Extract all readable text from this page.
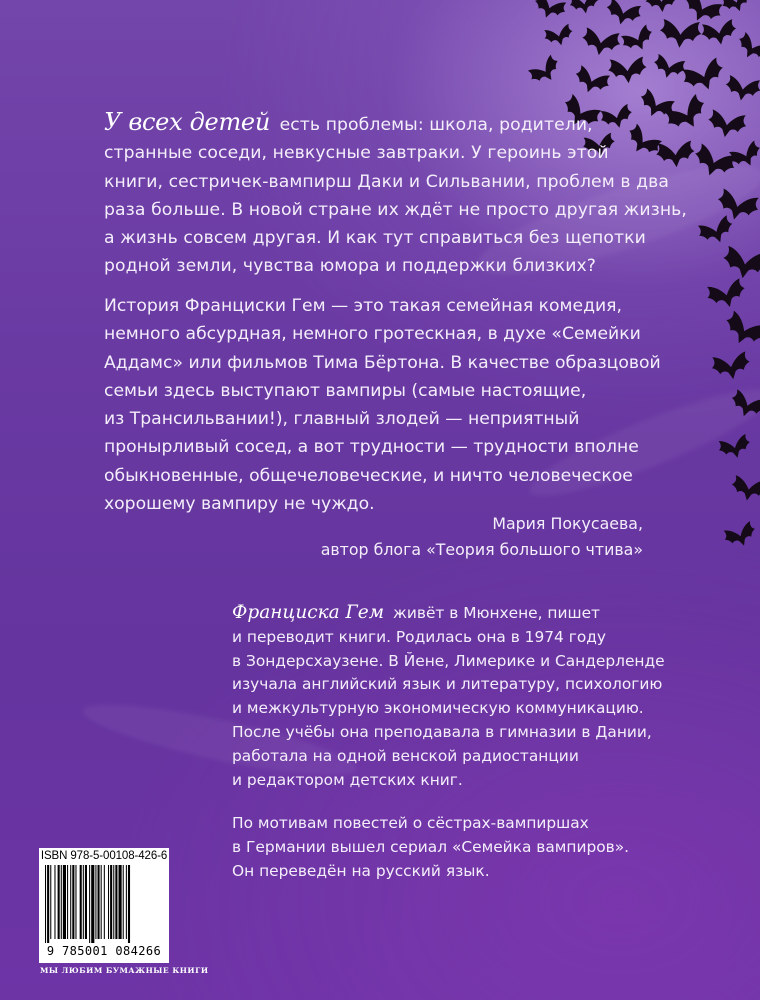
У всех детей есть проблемы: школа, родители,

странные соседи, невкусные завтраки. У героинь этой

книги, сестричек-вампирш Даки и Сильвании, проблем в два

раза больше. В новой стране их ждёт не просто другая жизнь,

а жизнь совсем другая. И как тут справиться без щепотки

родной земли, чувства юмора и поддержки близких?

История Франциски Гем — это такая семейная комедия,

немного абсурдная, немного гротескная, в духе «Семейки

Аддамс» или фильмов Тима Бёртона. В качестве образцовой

семьи здесь выступают вампиры (самые настоящие,

из Трансильвании!), главный злодей — неприятный

пронырливый сосед, а вот трудности — трудности вполне

обыкновенные, общечеловеческие, и ничто человеческое

хорошему вампиру не чуждо.

Мария Покусаева,

автор блога «Теория большого чтива»

Франциска Гем живёт в Мюнхене, пишет

и переводит книги. Родилась она в 1974 году

в Зондерсхаузене. В Йене, Лимерике и Сандерленде

изучала английский язык и литературу, психологию

и межкультурную экономическую коммуникацию.

После учёбы она преподавала в гимназии в Дании,

работала на одной венской радиостанции

и редактором детских книг.

По мотивам повестей о сёстрах-вампиршах

в Германии вышел сериал «Семейка вампиров».

Он переведён на русский язык.

ISBN 978-5-00108-426-6
9 785001 084266
МЫ ЛЮБИМ БУМАЖНЫЕ КНИГИ
